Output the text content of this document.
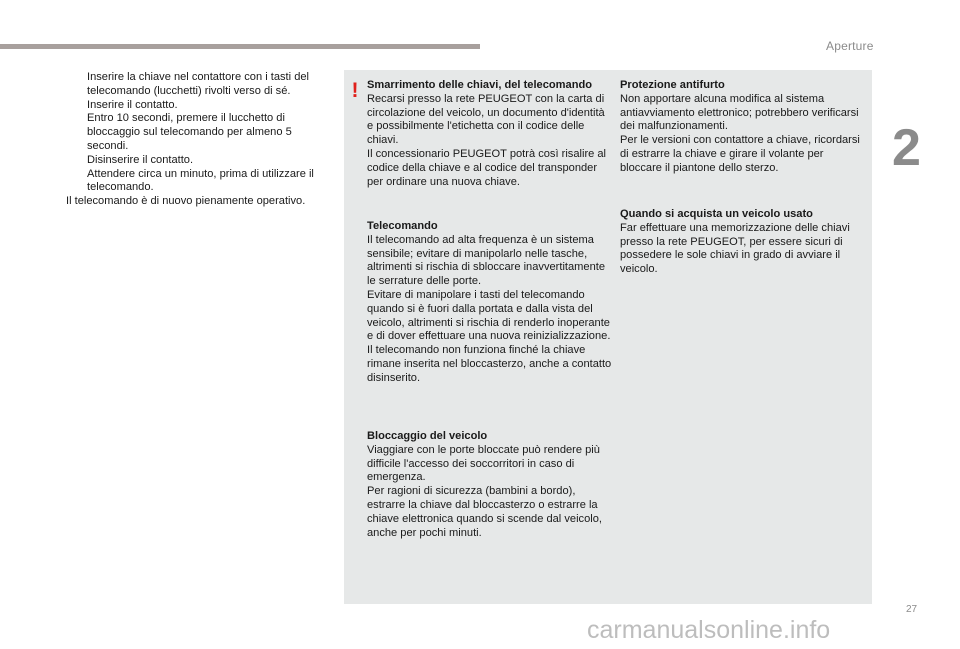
Aperture
2
Inserire la chiave nel contattore con i tasti del telecomando (lucchetti) rivolti verso di sé.
Inserire il contatto.
Entro 10 secondi, premere il lucchetto di bloccaggio sul telecomando per almeno 5 secondi.
Disinserire il contatto.
Attendere circa un minuto, prima di utilizzare il telecomando.

Il telecomando è di nuovo pienamente operativo.

! Smarrimento delle chiavi, del telecomando

Recarsi presso la rete PEUGEOT con la carta di circolazione del veicolo, un documento d'identità e possibilmente l'etichetta con il codice delle chiavi.
Il concessionario PEUGEOT potrà così risalire al codice della chiave e al codice del transponder per ordinare una nuova chiave.

Telecomando

Il telecomando ad alta frequenza è un sistema sensibile; evitare di manipolarlo nelle tasche, altrimenti si rischia di sbloccare inavvertitamente le serrature delle porte.
Evitare di manipolare i tasti del telecomando quando si è fuori dalla portata e dalla vista del veicolo, altrimenti si rischia di renderlo inoperante e di dover effettuare una nuova reinizializzazione.
Il telecomando non funziona finché la chiave rimane inserita nel bloccasterzo, anche a contatto disinserito.

Bloccaggio del veicolo

Viaggiare con le porte bloccate può rendere più difficile l'accesso dei soccorritori in caso di emergenza.
Per ragioni di sicurezza (bambini a bordo), estrarre la chiave dal bloccasterzo o estrarre la chiave elettronica quando si scende dal veicolo, anche per pochi minuti.

Protezione antifurto

Non apportare alcuna modifica al sistema antiavviamento elettronico; potrebbero verificarsi dei malfunzionamenti.
Per le versioni con contattore a chiave, ricordarsi di estrarre la chiave e girare il volante per bloccare il piantone dello sterzo.

Quando si acquista un veicolo usato

Far effettuare una memorizzazione delle chiavi presso la rete PEUGEOT, per essere sicuri di possedere le sole chiavi in grado di avviare il veicolo.

27
carmanualsonline.info
